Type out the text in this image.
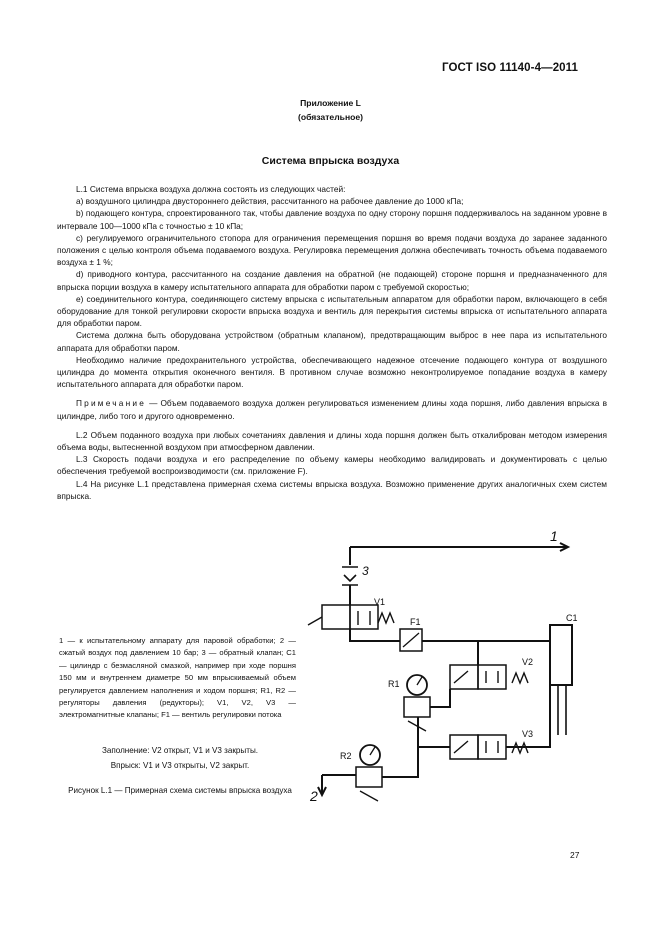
ГОСТ ISO 11140-4—2011
Приложение L
(обязательное)
Система впрыска воздуха

L.1 Система впрыска воздуха должна состоять из следующих частей:

а) воздушного цилиндра двустороннего действия, рассчитанного на рабочее давление до 1000 кПа;

b) подающего контура, спроектированного так, чтобы давление воздуха по одну сторону поршня поддерживалось на заданном уровне в интервале 100—1000 кПа с точностью ± 10 кПа;

c) регулируемого ограничительного стопора для ограничения перемещения поршня во время подачи воздуха до заранее заданного положения с целью контроля объема подаваемого воздуха. Регулировка перемещения должна обеспечивать точность объема подаваемого воздуха ± 1 %;

d) приводного контура, рассчитанного на создание давления на обратной (не подающей) стороне поршня и предназначенного для впрыска порции воздуха в камеру испытательного аппарата для обработки паром с требуемой скоростью;

e) соединительного контура, соединяющего систему впрыска с испытательным аппаратом для обработки паром, включающего в себя оборудование для тонкой регулировки скорости впрыска воздуха и вентиль для перекрытия системы впрыска от испытательного аппарата для обработки паром.

Система должна быть оборудована устройством (обратным клапаном), предотвращающим выброс в нее пара из испытательного аппарата для обработки паром.

Необходимо наличие предохранительного устройства, обеспечивающего надежное отсечение подающего контура от воздушного цилиндра до момента открытия оконечного вентиля. В противном случае возможно неконтролируемое попадание воздуха в камеру испытательного аппарата для обработки паром.

Примечание — Объем подаваемого воздуха должен регулироваться изменением длины хода поршня, либо давления впрыска в цилиндре, либо того и другого одновременно.

L.2 Объем поданного воздуха при любых сочетаниях давления и длины хода поршня должен быть откалиброван методом измерения объема воды, вытесненной воздухом при атмосферном давлении.

L.3 Скорость подачи воздуха и его распределение по объему камеры необходимо валидировать и документировать с целью обеспечения требуемой воспроизводимости (см. приложение F).

L.4 На рисунке L.1 представлена примерная схема системы впрыска воздуха. Возможно применение других аналогичных схем систем впрыска.

1 — к испытательному аппарату для паровой обработки; 2 — сжатый воздух под давлением 10 бар; 3 — обратный клапан; C1 — цилиндр с безмасляной смазкой, например при ходе поршня 150 мм и внутреннем диаметре 50 мм впрыскиваемый объем регулируется давлением наполнения и ходом поршня; R1, R2 — регуляторы давления (редукторы); V1, V2, V3 — электромагнитные клапаны; F1 — вентиль регулировки потока

Заполнение: V2 открыт, V1 и V3 закрыты.

Впрыск: V1 и V3 открыты, V2 закрыт.

Рисунок L.1 — Примерная схема системы впрыска воздуха
1
3
V1
F1	C1
V2
R1
V3
R2
2
27
